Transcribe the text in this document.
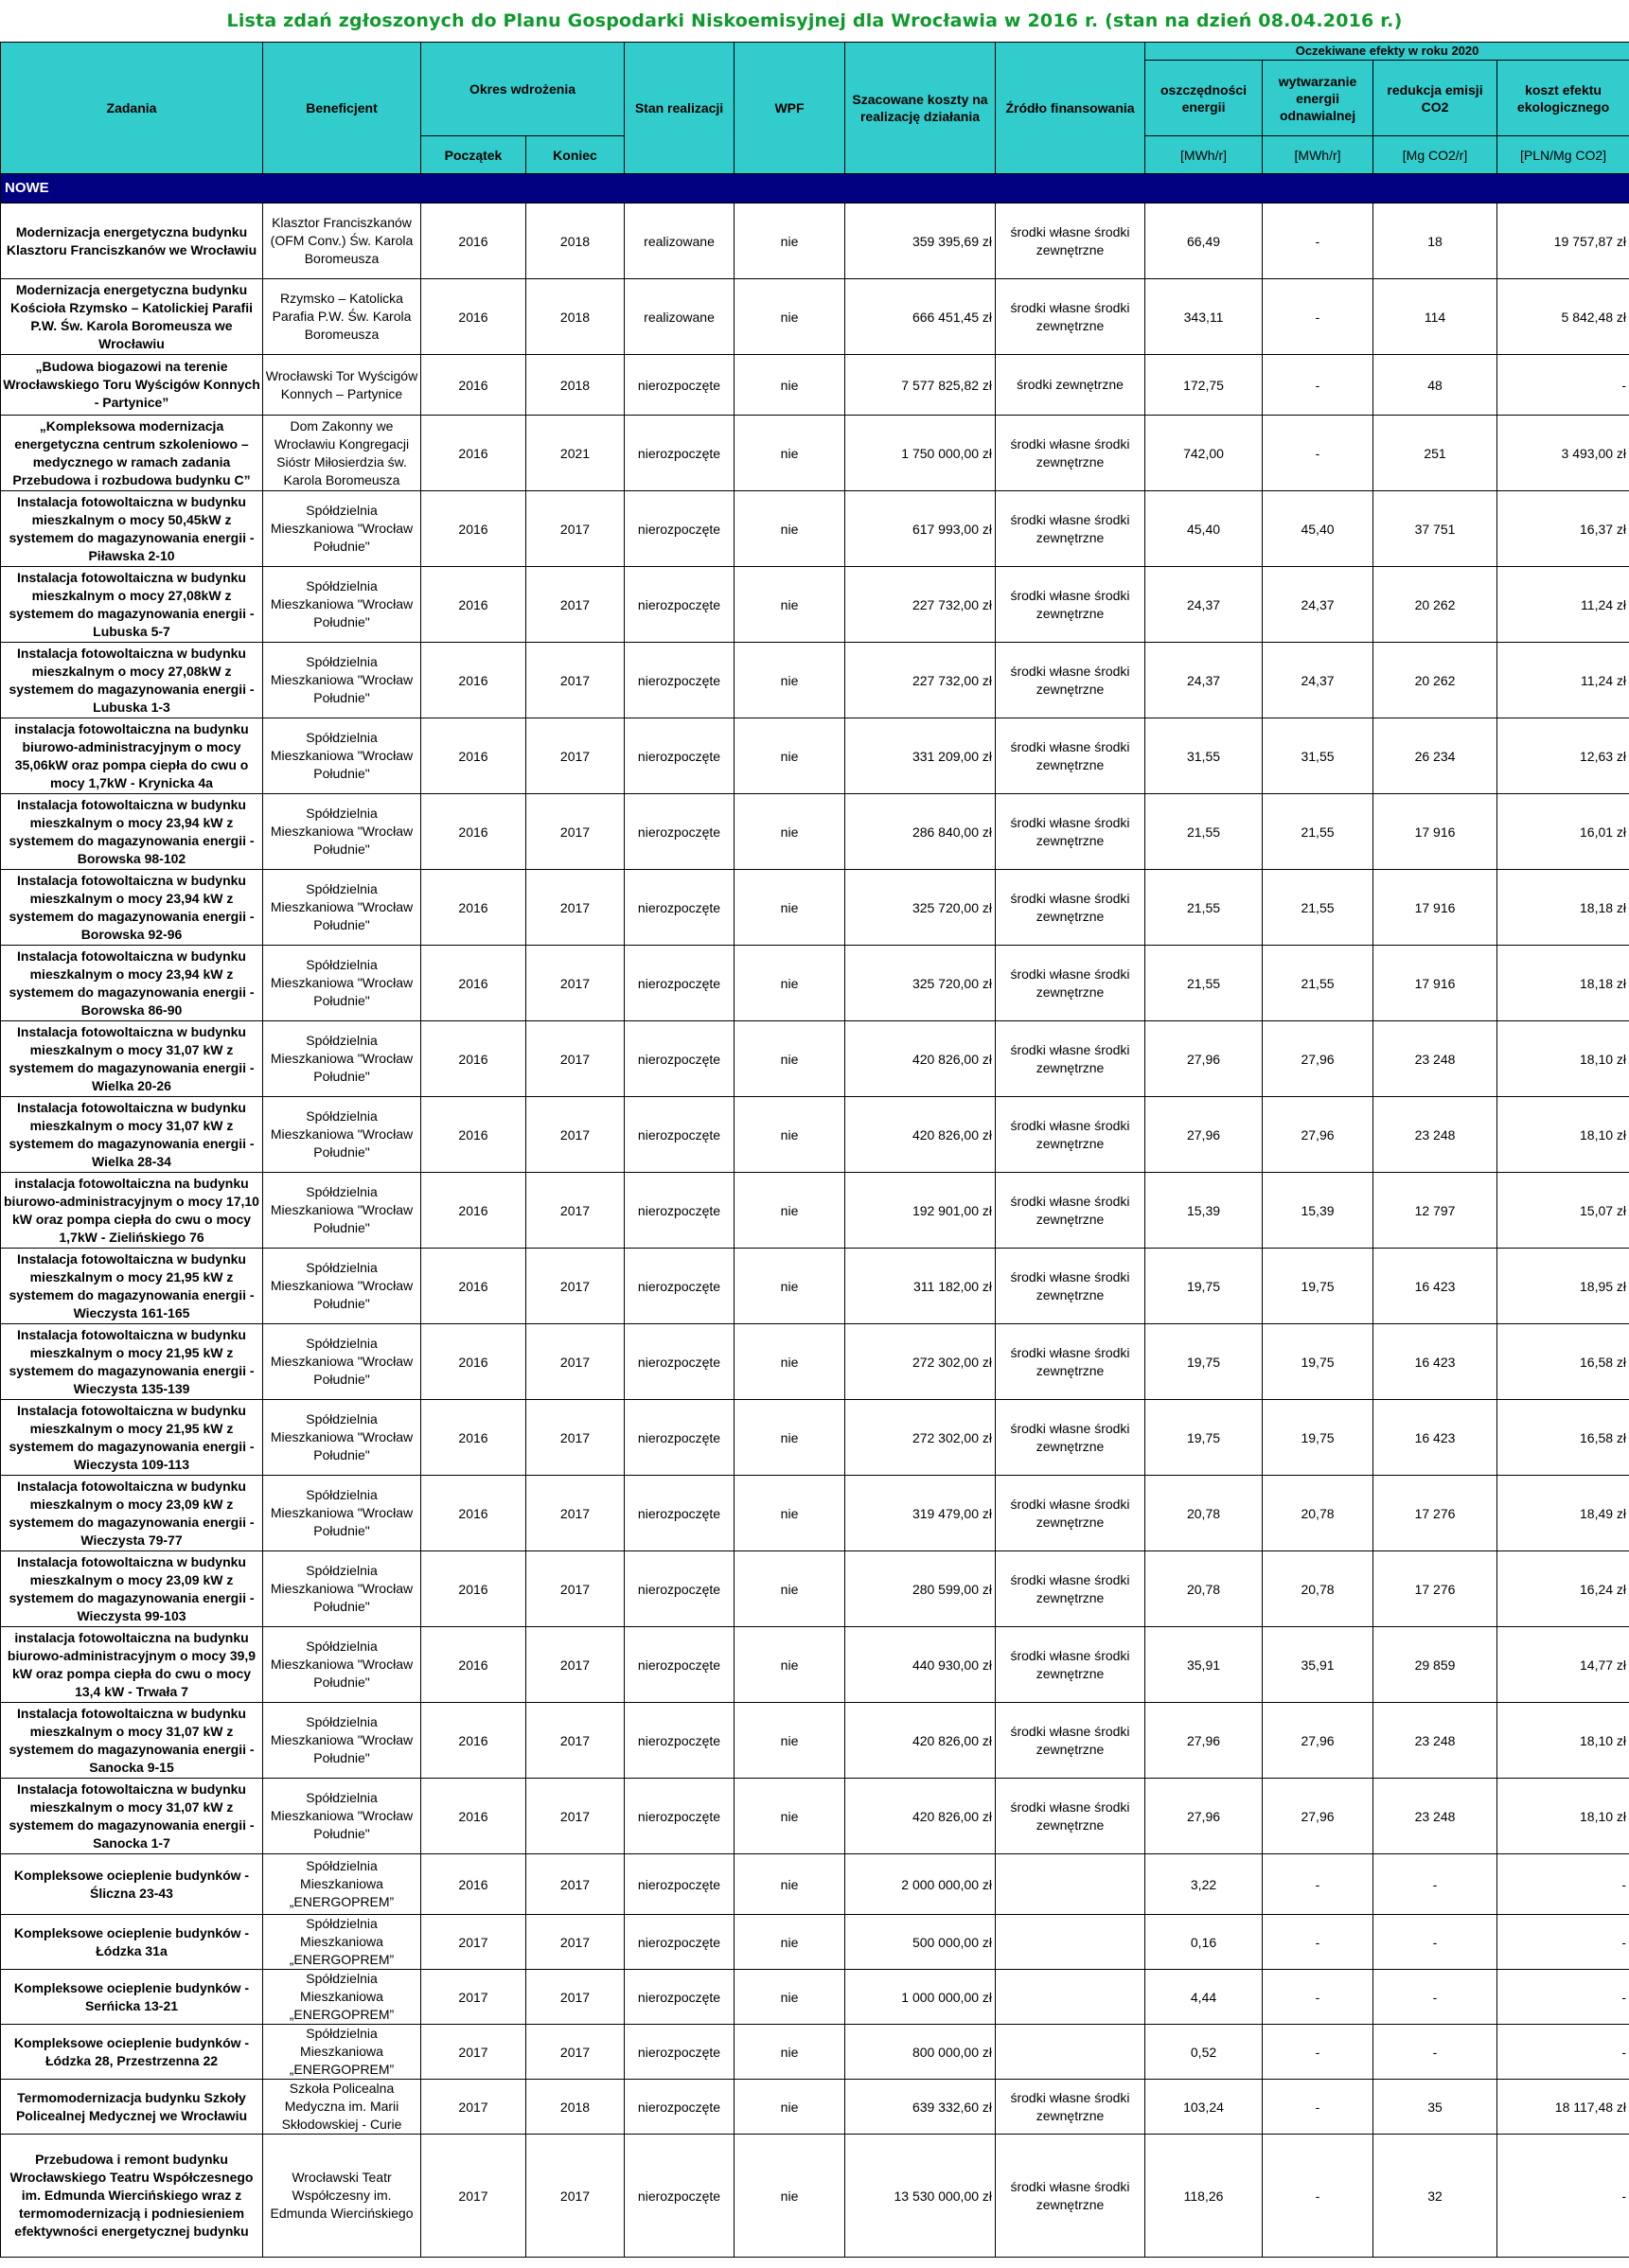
Lista zdań zgłoszonych do Planu Gospodarki Niskoemisyjnej dla Wrocławia w 2016 r. (stan na dzień 08.04.2016 r.)
Zadania	Beneficjent	Okres wdrożenia		Stan realizacji	WPF	Szacowane koszty na realizację działania	Źródło finansowania	Oczekiwane efekty w roku 2020			
								oszczędności energii	wytwarzanie energii odnawialnej	redukcja emisji CO2	koszt efektu ekologicznego
		Początek	Koniec					[MWh/r]	[MWh/r]	[Mg CO2/r]	[PLN/Mg CO2]
NOWE											
Modernizacja energetyczna budynku Klasztoru Franciszkanów we Wrocławiu	Klasztor Franciszkanów (OFM Conv.) Św. Karola Boromeusza	2016	2018	realizowane	nie	359 395,69 zł	środki własne środki zewnętrzne	66,49	-	18	19 757,87 zł
Modernizacja energetyczna budynku Kościoła Rzymsko – Katolickiej Parafii P.W. Św. Karola Boromeusza we Wrocławiu	Rzymsko – Katolicka Parafia P.W. Św. Karola Boromeusza	2016	2018	realizowane	nie	666 451,45 zł	środki własne środki zewnętrzne	343,11	-	114	5 842,48 zł
„Budowa biogazowi na terenie Wrocławskiego Toru Wyścigów Konnych - Partynice”	Wrocławski Tor Wyścigów Konnych – Partynice	2016	2018	nierozpoczęte	nie	7 577 825,82 zł	środki zewnętrzne	172,75	-	48	-
„Kompleksowa modernizacja energetyczna centrum szkoleniowo – medycznego w ramach zadania Przebudowa i rozbudowa budynku C”	Dom Zakonny we Wrocławiu Kongregacji Sióstr Miłosierdzia św. Karola Boromeusza	2016	2021	nierozpoczęte	nie	1 750 000,00 zł	środki własne środki zewnętrzne	742,00	-	251	3 493,00 zł
Instalacja fotowoltaiczna w budynku mieszkalnym o mocy 50,45kW z systemem do magazynowania energii - Piławska 2-10	Spółdzielnia Mieszkaniowa "Wrocław Południe"	2016	2017	nierozpoczęte	nie	617 993,00 zł	środki własne środki zewnętrzne	45,40	45,40	37 751	16,37 zł
Instalacja fotowoltaiczna w budynku mieszkalnym o mocy 27,08kW z systemem do magazynowania energii - Lubuska 5-7	Spółdzielnia Mieszkaniowa "Wrocław Południe"	2016	2017	nierozpoczęte	nie	227 732,00 zł	środki własne środki zewnętrzne	24,37	24,37	20 262	11,24 zł
Instalacja fotowoltaiczna w budynku mieszkalnym o mocy 27,08kW z systemem do magazynowania energii - Lubuska 1-3	Spółdzielnia Mieszkaniowa "Wrocław Południe"	2016	2017	nierozpoczęte	nie	227 732,00 zł	środki własne środki zewnętrzne	24,37	24,37	20 262	11,24 zł
instalacja fotowoltaiczna na budynku biurowo-administracyjnym o mocy 35,06kW oraz pompa ciepła do cwu o mocy 1,7kW - Krynicka 4a	Spółdzielnia Mieszkaniowa "Wrocław Południe"	2016	2017	nierozpoczęte	nie	331 209,00 zł	środki własne środki zewnętrzne	31,55	31,55	26 234	12,63 zł
Instalacja fotowoltaiczna w budynku mieszkalnym o mocy 23,94 kW z systemem do magazynowania energii - Borowska 98-102	Spółdzielnia Mieszkaniowa "Wrocław Południe"	2016	2017	nierozpoczęte	nie	286 840,00 zł	środki własne środki zewnętrzne	21,55	21,55	17 916	16,01 zł
Instalacja fotowoltaiczna w budynku mieszkalnym o mocy 23,94 kW z systemem do magazynowania energii - Borowska 92-96	Spółdzielnia Mieszkaniowa "Wrocław Południe"	2016	2017	nierozpoczęte	nie	325 720,00 zł	środki własne środki zewnętrzne	21,55	21,55	17 916	18,18 zł
Instalacja fotowoltaiczna w budynku mieszkalnym o mocy 23,94 kW z systemem do magazynowania energii - Borowska 86-90	Spółdzielnia Mieszkaniowa "Wrocław Południe"	2016	2017	nierozpoczęte	nie	325 720,00 zł	środki własne środki zewnętrzne	21,55	21,55	17 916	18,18 zł
Instalacja fotowoltaiczna w budynku mieszkalnym o mocy 31,07 kW z systemem do magazynowania energii - Wielka 20-26	Spółdzielnia Mieszkaniowa "Wrocław Południe"	2016	2017	nierozpoczęte	nie	420 826,00 zł	środki własne środki zewnętrzne	27,96	27,96	23 248	18,10 zł
Instalacja fotowoltaiczna w budynku mieszkalnym o mocy 31,07 kW z systemem do magazynowania energii - Wielka 28-34	Spółdzielnia Mieszkaniowa "Wrocław Południe"	2016	2017	nierozpoczęte	nie	420 826,00 zł	środki własne środki zewnętrzne	27,96	27,96	23 248	18,10 zł
instalacja fotowoltaiczna na budynku biurowo-administracyjnym o mocy 17,10 kW oraz pompa ciepła do cwu o mocy 1,7kW - Zielińskiego 76	Spółdzielnia Mieszkaniowa "Wrocław Południe"	2016	2017	nierozpoczęte	nie	192 901,00 zł	środki własne środki zewnętrzne	15,39	15,39	12 797	15,07 zł
Instalacja fotowoltaiczna w budynku mieszkalnym o mocy 21,95 kW z systemem do magazynowania energii - Wieczysta 161-165	Spółdzielnia Mieszkaniowa "Wrocław Południe"	2016	2017	nierozpoczęte	nie	311 182,00 zł	środki własne środki zewnętrzne	19,75	19,75	16 423	18,95 zł
Instalacja fotowoltaiczna w budynku mieszkalnym o mocy 21,95 kW z systemem do magazynowania energii - Wieczysta 135-139	Spółdzielnia Mieszkaniowa "Wrocław Południe"	2016	2017	nierozpoczęte	nie	272 302,00 zł	środki własne środki zewnętrzne	19,75	19,75	16 423	16,58 zł
Instalacja fotowoltaiczna w budynku mieszkalnym o mocy 21,95 kW z systemem do magazynowania energii - Wieczysta 109-113	Spółdzielnia Mieszkaniowa "Wrocław Południe"	2016	2017	nierozpoczęte	nie	272 302,00 zł	środki własne środki zewnętrzne	19,75	19,75	16 423	16,58 zł
Instalacja fotowoltaiczna w budynku mieszkalnym o mocy 23,09 kW z systemem do magazynowania energii - Wieczysta 79-77	Spółdzielnia Mieszkaniowa "Wrocław Południe"	2016	2017	nierozpoczęte	nie	319 479,00 zł	środki własne środki zewnętrzne	20,78	20,78	17 276	18,49 zł
Instalacja fotowoltaiczna w budynku mieszkalnym o mocy 23,09 kW z systemem do magazynowania energii - Wieczysta 99-103	Spółdzielnia Mieszkaniowa "Wrocław Południe"	2016	2017	nierozpoczęte	nie	280 599,00 zł	środki własne środki zewnętrzne	20,78	20,78	17 276	16,24 zł
instalacja fotowoltaiczna na budynku biurowo-administracyjnym o mocy 39,9 kW oraz pompa ciepła do cwu o mocy 13,4 kW - Trwała 7	Spółdzielnia Mieszkaniowa "Wrocław Południe"	2016	2017	nierozpoczęte	nie	440 930,00 zł	środki własne środki zewnętrzne	35,91	35,91	29 859	14,77 zł
Instalacja fotowoltaiczna w budynku mieszkalnym o mocy 31,07 kW z systemem do magazynowania energii - Sanocka 9-15	Spółdzielnia Mieszkaniowa "Wrocław Południe"	2016	2017	nierozpoczęte	nie	420 826,00 zł	środki własne środki zewnętrzne	27,96	27,96	23 248	18,10 zł
Instalacja fotowoltaiczna w budynku mieszkalnym o mocy 31,07 kW z systemem do magazynowania energii - Sanocka 1-7	Spółdzielnia Mieszkaniowa "Wrocław Południe"	2016	2017	nierozpoczęte	nie	420 826,00 zł	środki własne środki zewnętrzne	27,96	27,96	23 248	18,10 zł
Kompleksowe ocieplenie budynków - Śliczna 23-43	Spółdzielnia Mieszkaniowa „ENERGOPREM”	2016	2017	nierozpoczęte	nie	2 000 000,00 zł		3,22	-	-	-
Kompleksowe ocieplenie budynków - Łódzka 31a	Spółdzielnia Mieszkaniowa „ENERGOPREM”	2017	2017	nierozpoczęte	nie	500 000,00 zł		0,16	-	-	-
Kompleksowe ocieplenie budynków - Serńicka 13-21	Spółdzielnia Mieszkaniowa „ENERGOPREM”	2017	2017	nierozpoczęte	nie	1 000 000,00 zł		4,44	-	-	-
Kompleksowe ocieplenie budynków - Łódzka 28, Przestrzenna 22	Spółdzielnia Mieszkaniowa „ENERGOPREM”	2017	2017	nierozpoczęte	nie	800 000,00 zł		0,52	-	-	-
Termomodernizacja budynku Szkoły Policealnej Medycznej we Wrocławiu	Szkoła Policealna Medyczna im. Marii Skłodowskiej - Curie	2017	2018	nierozpoczęte	nie	639 332,60 zł	środki własne środki zewnętrzne	103,24	-	35	18 117,48 zł
Przebudowa i remont budynku Wrocławskiego Teatru Współczesnego im. Edmunda Wiercińskiego wraz z termomodernizacją i podniesieniem efektywności energetycznej budynku	Wrocławski Teatr Współczesny im. Edmunda Wiercińskiego	2017	2017	nierozpoczęte	nie	13 530 000,00 zł	środki własne środki zewnętrzne	118,26	-	32	-
